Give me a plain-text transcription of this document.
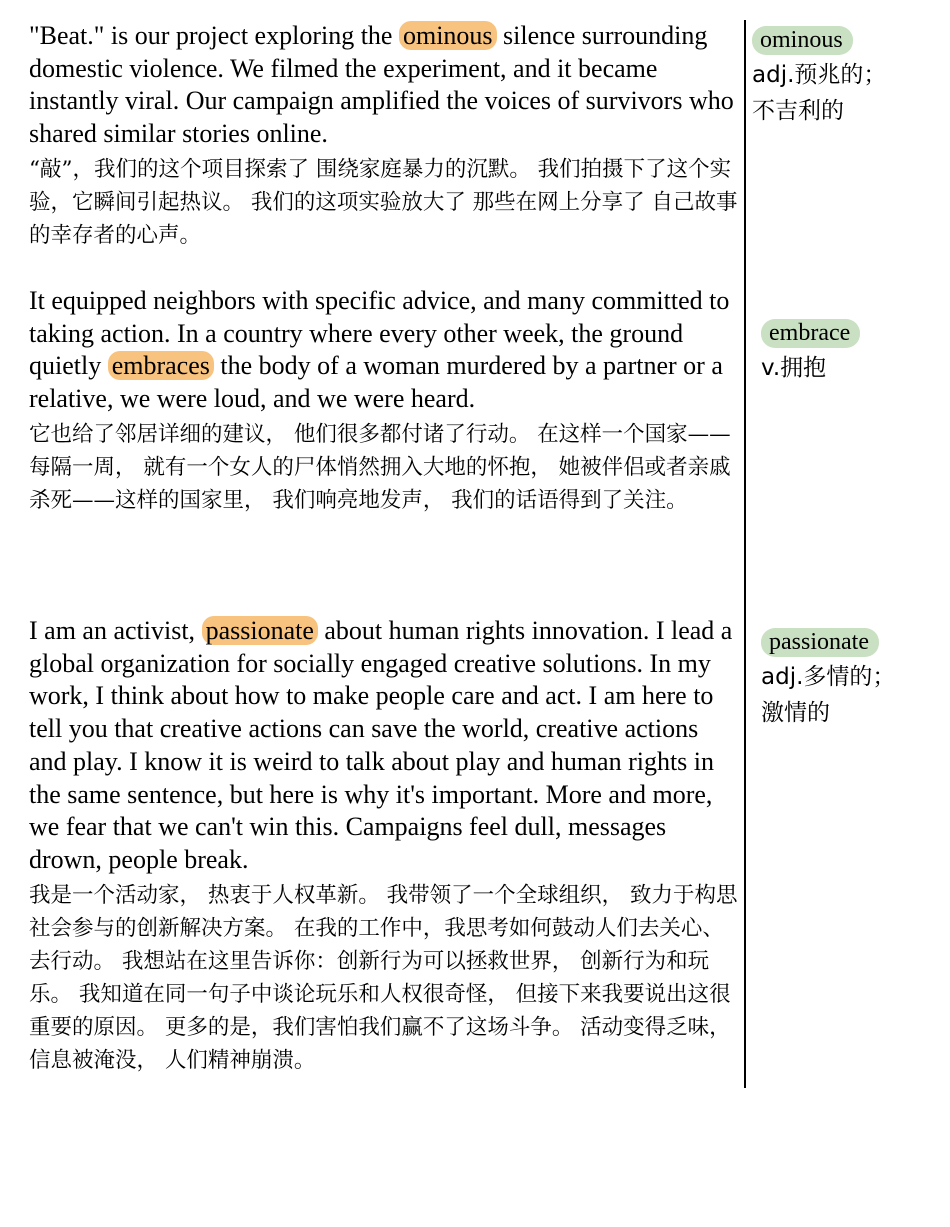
"Beat." is our project exploring the ominous silence surrounding domestic violence. We filmed the experiment, and it became instantly viral. Our campaign amplified the voices of survivors who shared similar stories online.

“敲”，我们的这个项目探索了 围绕家庭暴力的沉默。 我们拍摄下了这个实验，它瞬间引起热议。 我们的这项实验放大了 那些在网上分享了 自己故事的幸存者的心声。

It equipped neighbors with specific advice, and many committed to taking action. In a country where every other week, the ground quietly embraces the body of a woman murdered by a partner or a relative, we were loud, and we were heard.

它也给了邻居详细的建议， 他们很多都付诸了行动。 在这样一个国家——每隔一周， 就有一个女人的尸体悄然拥入大地的怀抱， 她被伴侣或者亲戚杀死——这样的国家里， 我们响亮地发声， 我们的话语得到了关注。

I am an activist, passionate about human rights innovation. I lead a global organization for socially engaged creative solutions. In my work, I think about how to make people care and act. I am here to tell you that creative actions can save the world, creative actions and play. I know it is weird to talk about play and human rights in the same sentence, but here is why it's important. More and more, we fear that we can't win this. Campaigns feel dull, messages drown, people break.

我是一个活动家， 热衷于人权革新。 我带领了一个全球组织， 致力于构思社会参与的创新解决方案。 在我的工作中，我思考如何鼓动人们去关心、去行动。 我想站在这里告诉你：创新行为可以拯救世界， 创新行为和玩乐。 我知道在同一句子中谈论玩乐和人权很奇怪， 但接下来我要说出这很重要的原因。 更多的是，我们害怕我们赢不了这场斗争。 活动变得乏味， 信息被淹没， 人们精神崩溃。

ominous
adj.预兆的；不吉利的
embrace
v.拥抱
passionate
adj.多情的；激情的
